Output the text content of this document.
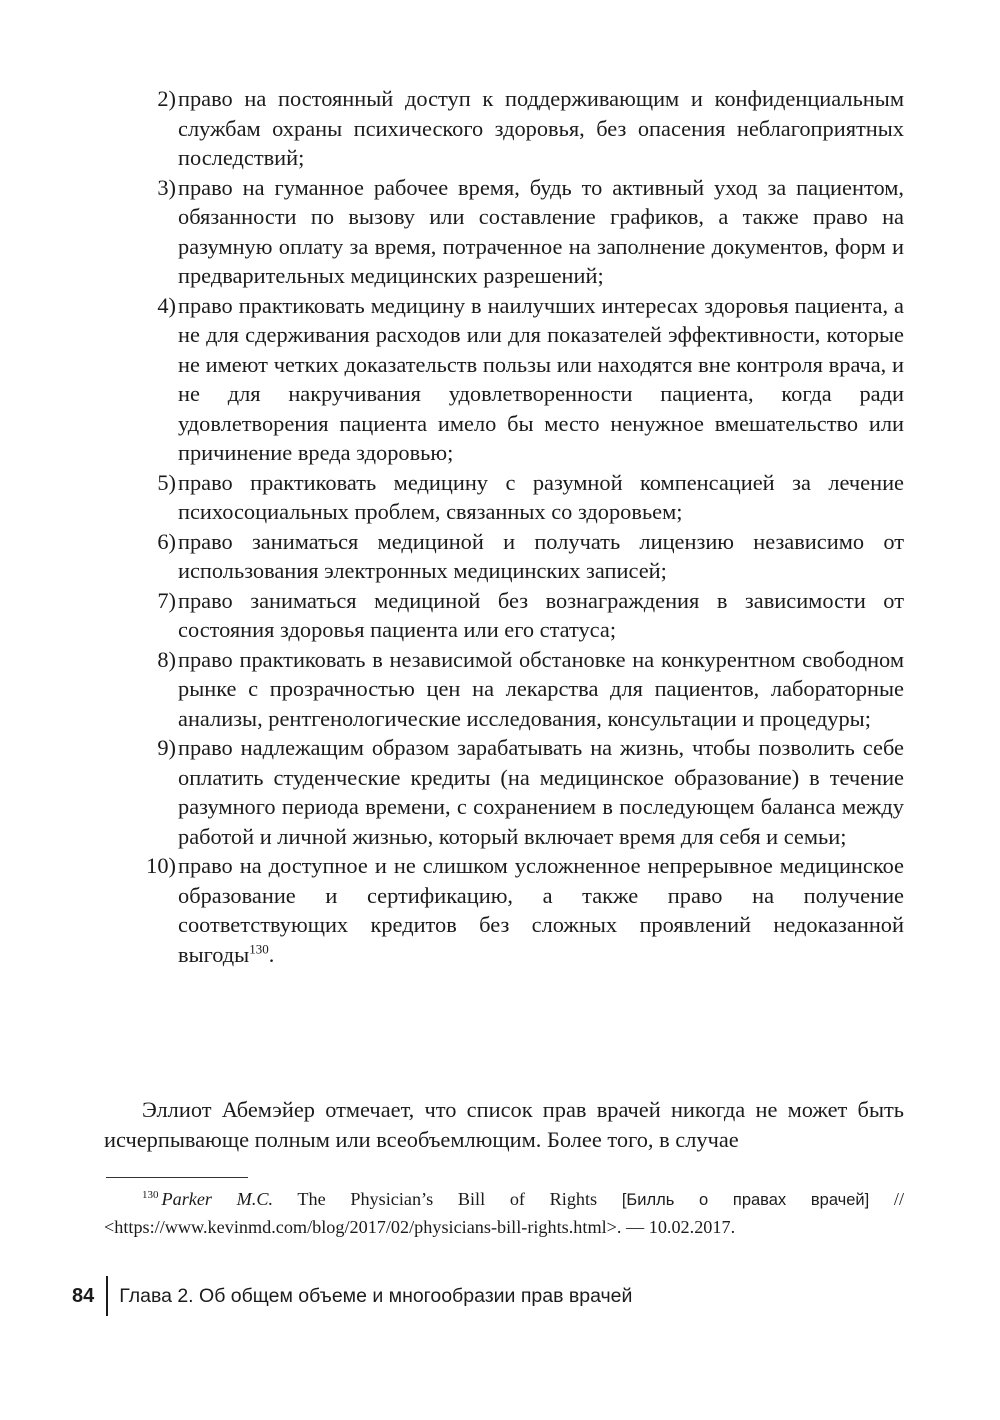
2) право на постоянный доступ к поддерживающим и конфиденциальным службам охраны психического здоровья, без опасения неблагоприятных последствий;
3) право на гуманное рабочее время, будь то активный уход за пациентом, обязанности по вызову или составление графиков, а также право на разумную оплату за время, потраченное на заполнение документов, форм и предварительных медицинских разрешений;
4) право практиковать медицину в наилучших интересах здоровья пациента, а не для сдерживания расходов или для показателей эффективности, которые не имеют четких доказательств пользы или находятся вне контроля врача, и не для накручивания удовлетворенности пациента, когда ради удовлетворения пациента имело бы место ненужное вмешательство или причинение вреда здоровью;
5) право практиковать медицину с разумной компенсацией за лечение психосоциальных проблем, связанных со здоровьем;
6) право заниматься медициной и получать лицензию независимо от использования электронных медицинских записей;
7) право заниматься медициной без вознаграждения в зависимости от состояния здоровья пациента или его статуса;
8) право практиковать в независимой обстановке на конкурентном свободном рынке с прозрачностью цен на лекарства для пациентов, лабораторные анализы, рентгенологические исследования, консультации и процедуры;
9) право надлежащим образом зарабатывать на жизнь, чтобы позволить себе оплатить студенческие кредиты (на медицинское образование) в течение разумного периода времени, с сохранением в последующем баланса между работой и личной жизнью, который включает время для себя и семьи;
10) право на доступное и не слишком усложненное непрерывное медицинское образование и сертификацию, а также право на получение соответствующих кредитов без сложных проявлений недоказанной выгоды$^{130}$.

Эллиот Абемэйер отмечает, что список прав врачей никогда не может быть исчерпывающе полным или всеобъемлющим. Более того, в случае

$^{130}$ Parker M.C. The Physician’s Bill of Rights [Билль о правах врачей] // <https://www.kevinmd.com/blog/2017/02/physicians-bill-rights.html>. — 10.02.2017.

84 Глава 2. Об общем объеме и многообразии прав врачей
